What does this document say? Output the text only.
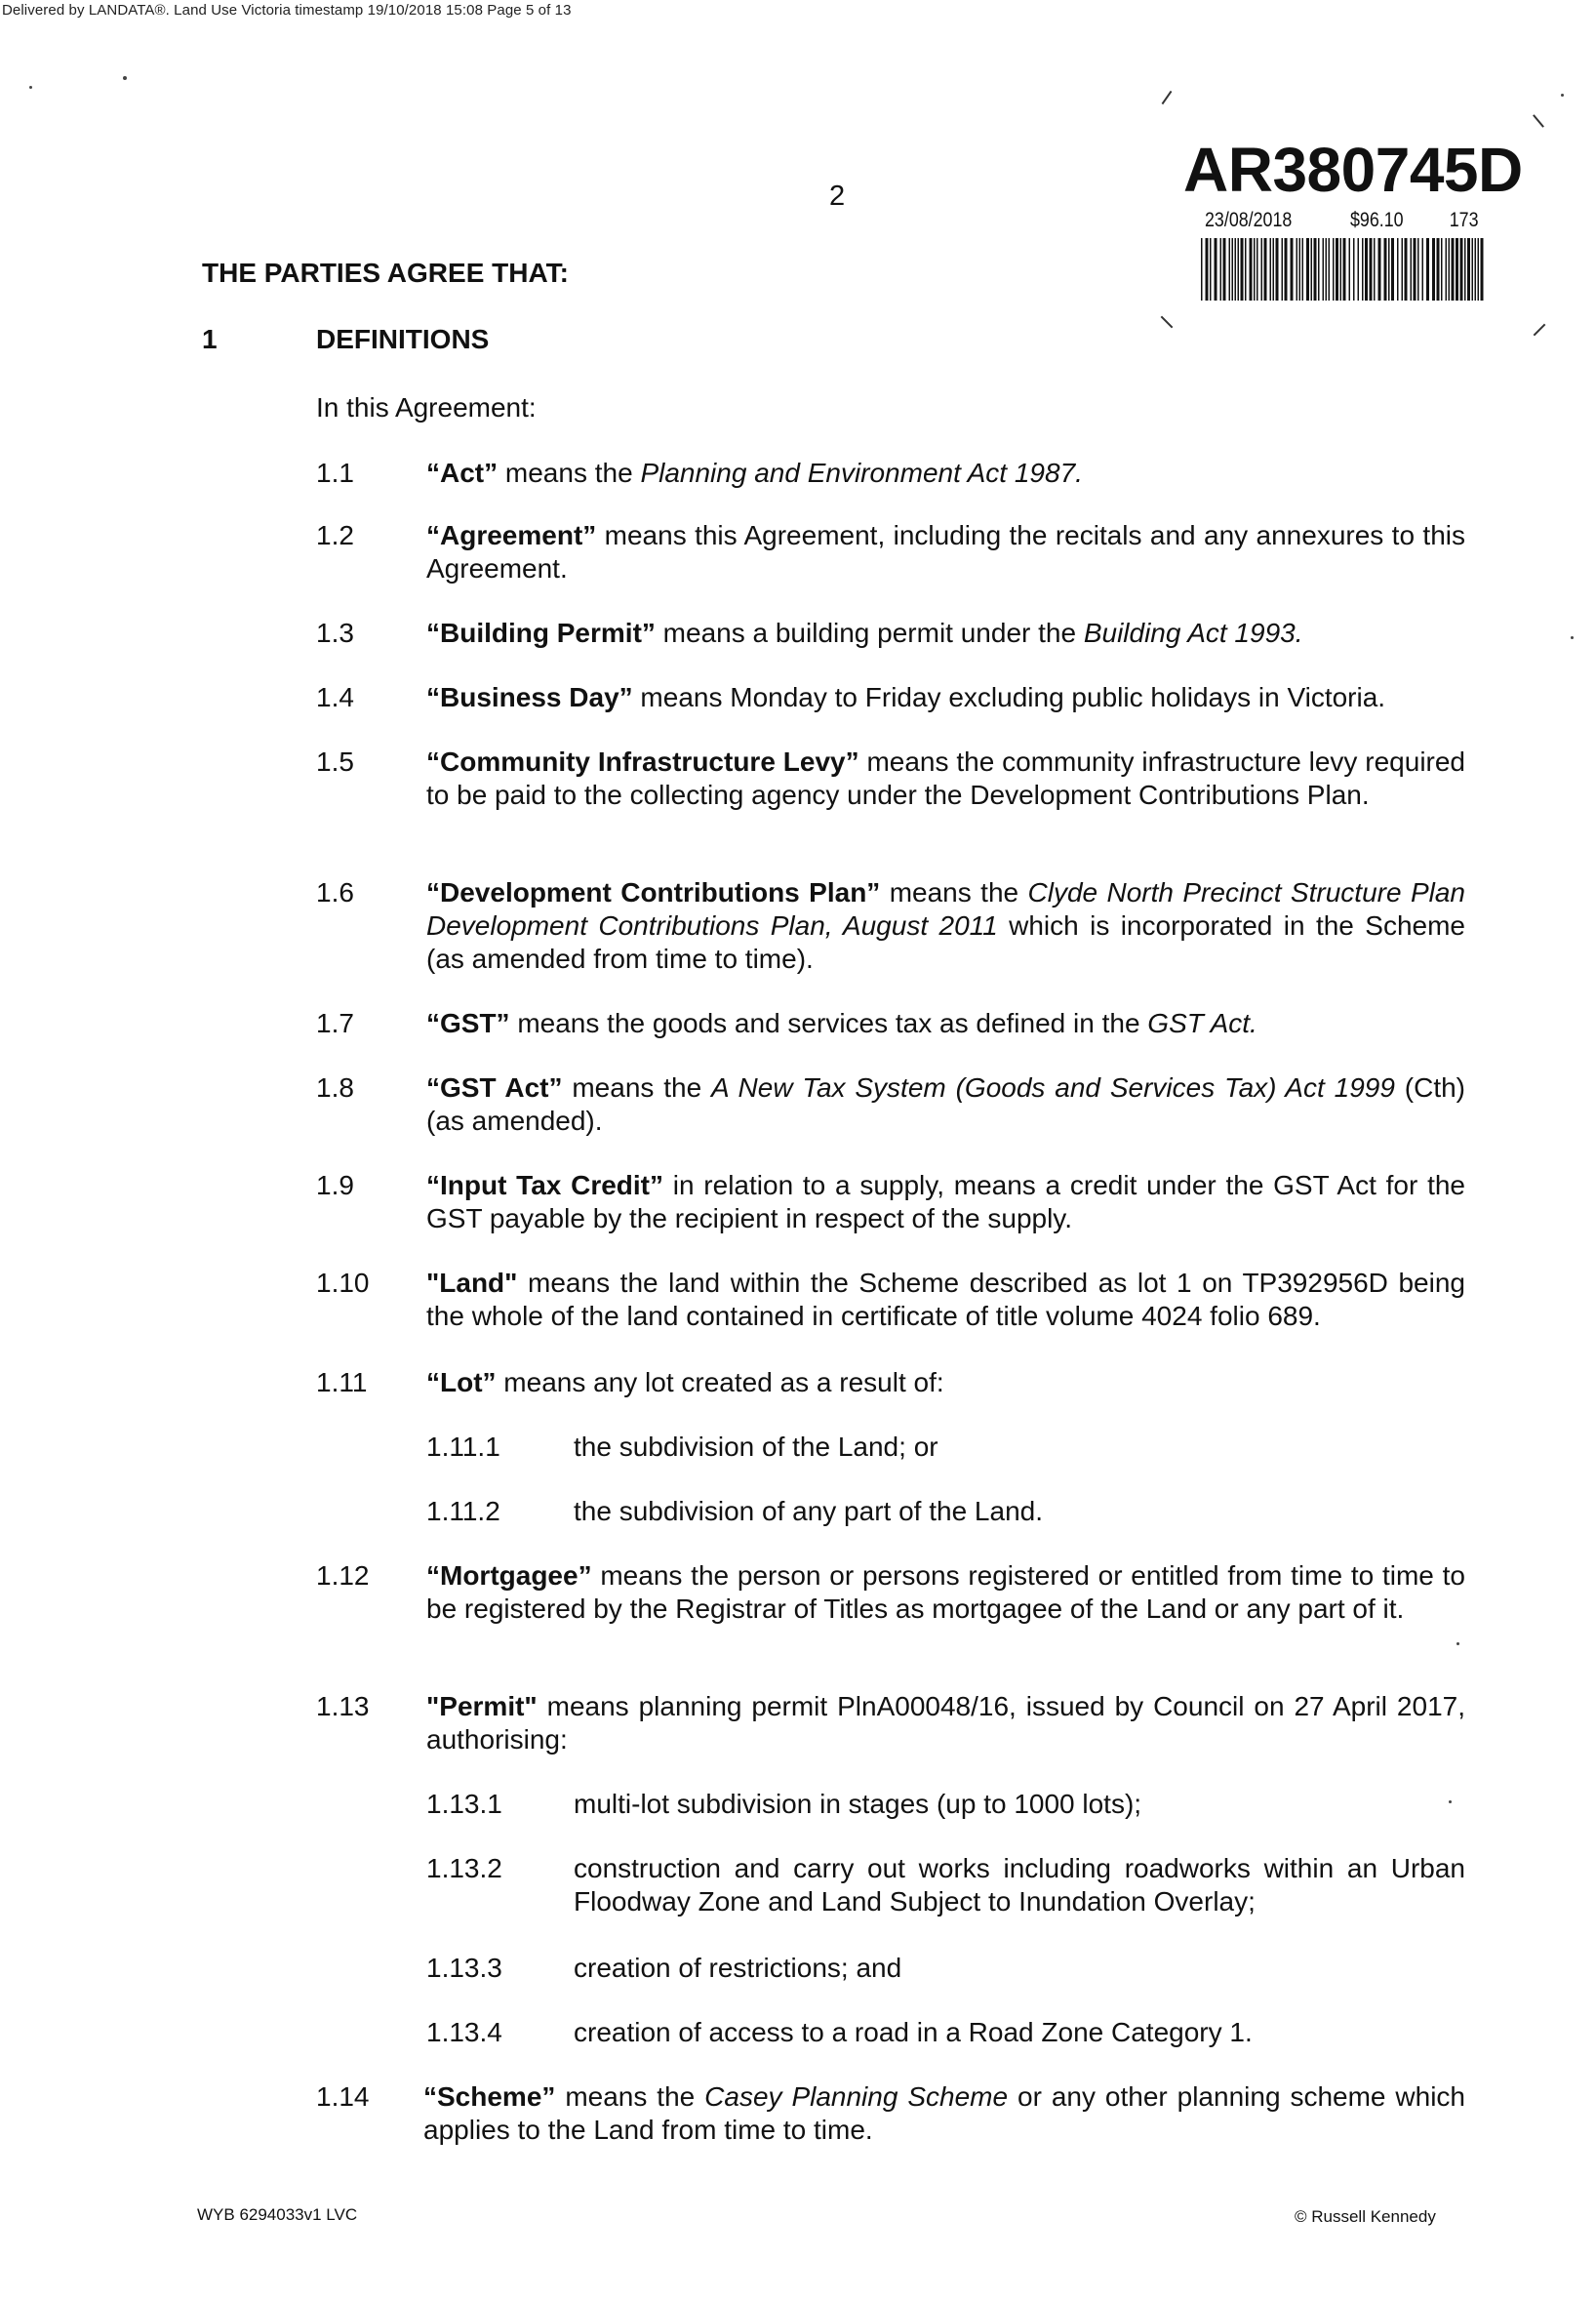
Delivered by LANDATA®. Land Use Victoria timestamp 19/10/2018 15:08 Page 5 of 13
2	AR380745D
23/08/2018	$96.10	173
THE PARTIES AGREE THAT:
1	DEFINITIONS
In this Agreement:
1.1	“Act” means the Planning and Environment Act 1987.
1.2	“Agreement” means this Agreement, including the recitals and any annexures to this Agreement.
1.3	“Building Permit” means a building permit under the Building Act 1993.
1.4	“Business Day” means Monday to Friday excluding public holidays in Victoria.
1.5	“Community Infrastructure Levy” means the community infrastructure levy required to be paid to the collecting agency under the Development Contributions Plan.
1.6	“Development Contributions Plan” means the Clyde North Precinct Structure Plan Development Contributions Plan, August 2011 which is incorporated in the Scheme (as amended from time to time).
1.7	“GST” means the goods and services tax as defined in the GST Act.
1.8	“GST Act” means the A New Tax System (Goods and Services Tax) Act 1999 (Cth) (as amended).
1.9	“Input Tax Credit” in relation to a supply, means a credit under the GST Act for the GST payable by the recipient in respect of the supply.
1.10 "Land" means the land within the Scheme described as lot 1 on TP392956D being the whole of the land contained in certificate of title volume 4024 folio 689.
1.11 “Lot” means any lot created as a result of:
1.11.1	the subdivision of the Land; or
1.11.2	the subdivision of any part of the Land.
1.12 “Mortgagee” means the person or persons registered or entitled from time to time to be registered by the Registrar of Titles as mortgagee of the Land or any part of it.
1.13 "Permit" means planning permit PlnA00048/16, issued by Council on 27 April 2017, authorising:
1.13.1	multi-lot subdivision in stages (up to 1000 lots);
1.13.2	construction and carry out works including roadworks within an Urban Floodway Zone and Land Subject to Inundation Overlay;
1.13.3	creation of restrictions; and
1.13.4	creation of access to a road in a Road Zone Category 1.
1.14 “Scheme” means the Casey Planning Scheme or any other planning scheme which applies to the Land from time to time.
WYB 6294033v1 LVC	© Russell Kennedy
